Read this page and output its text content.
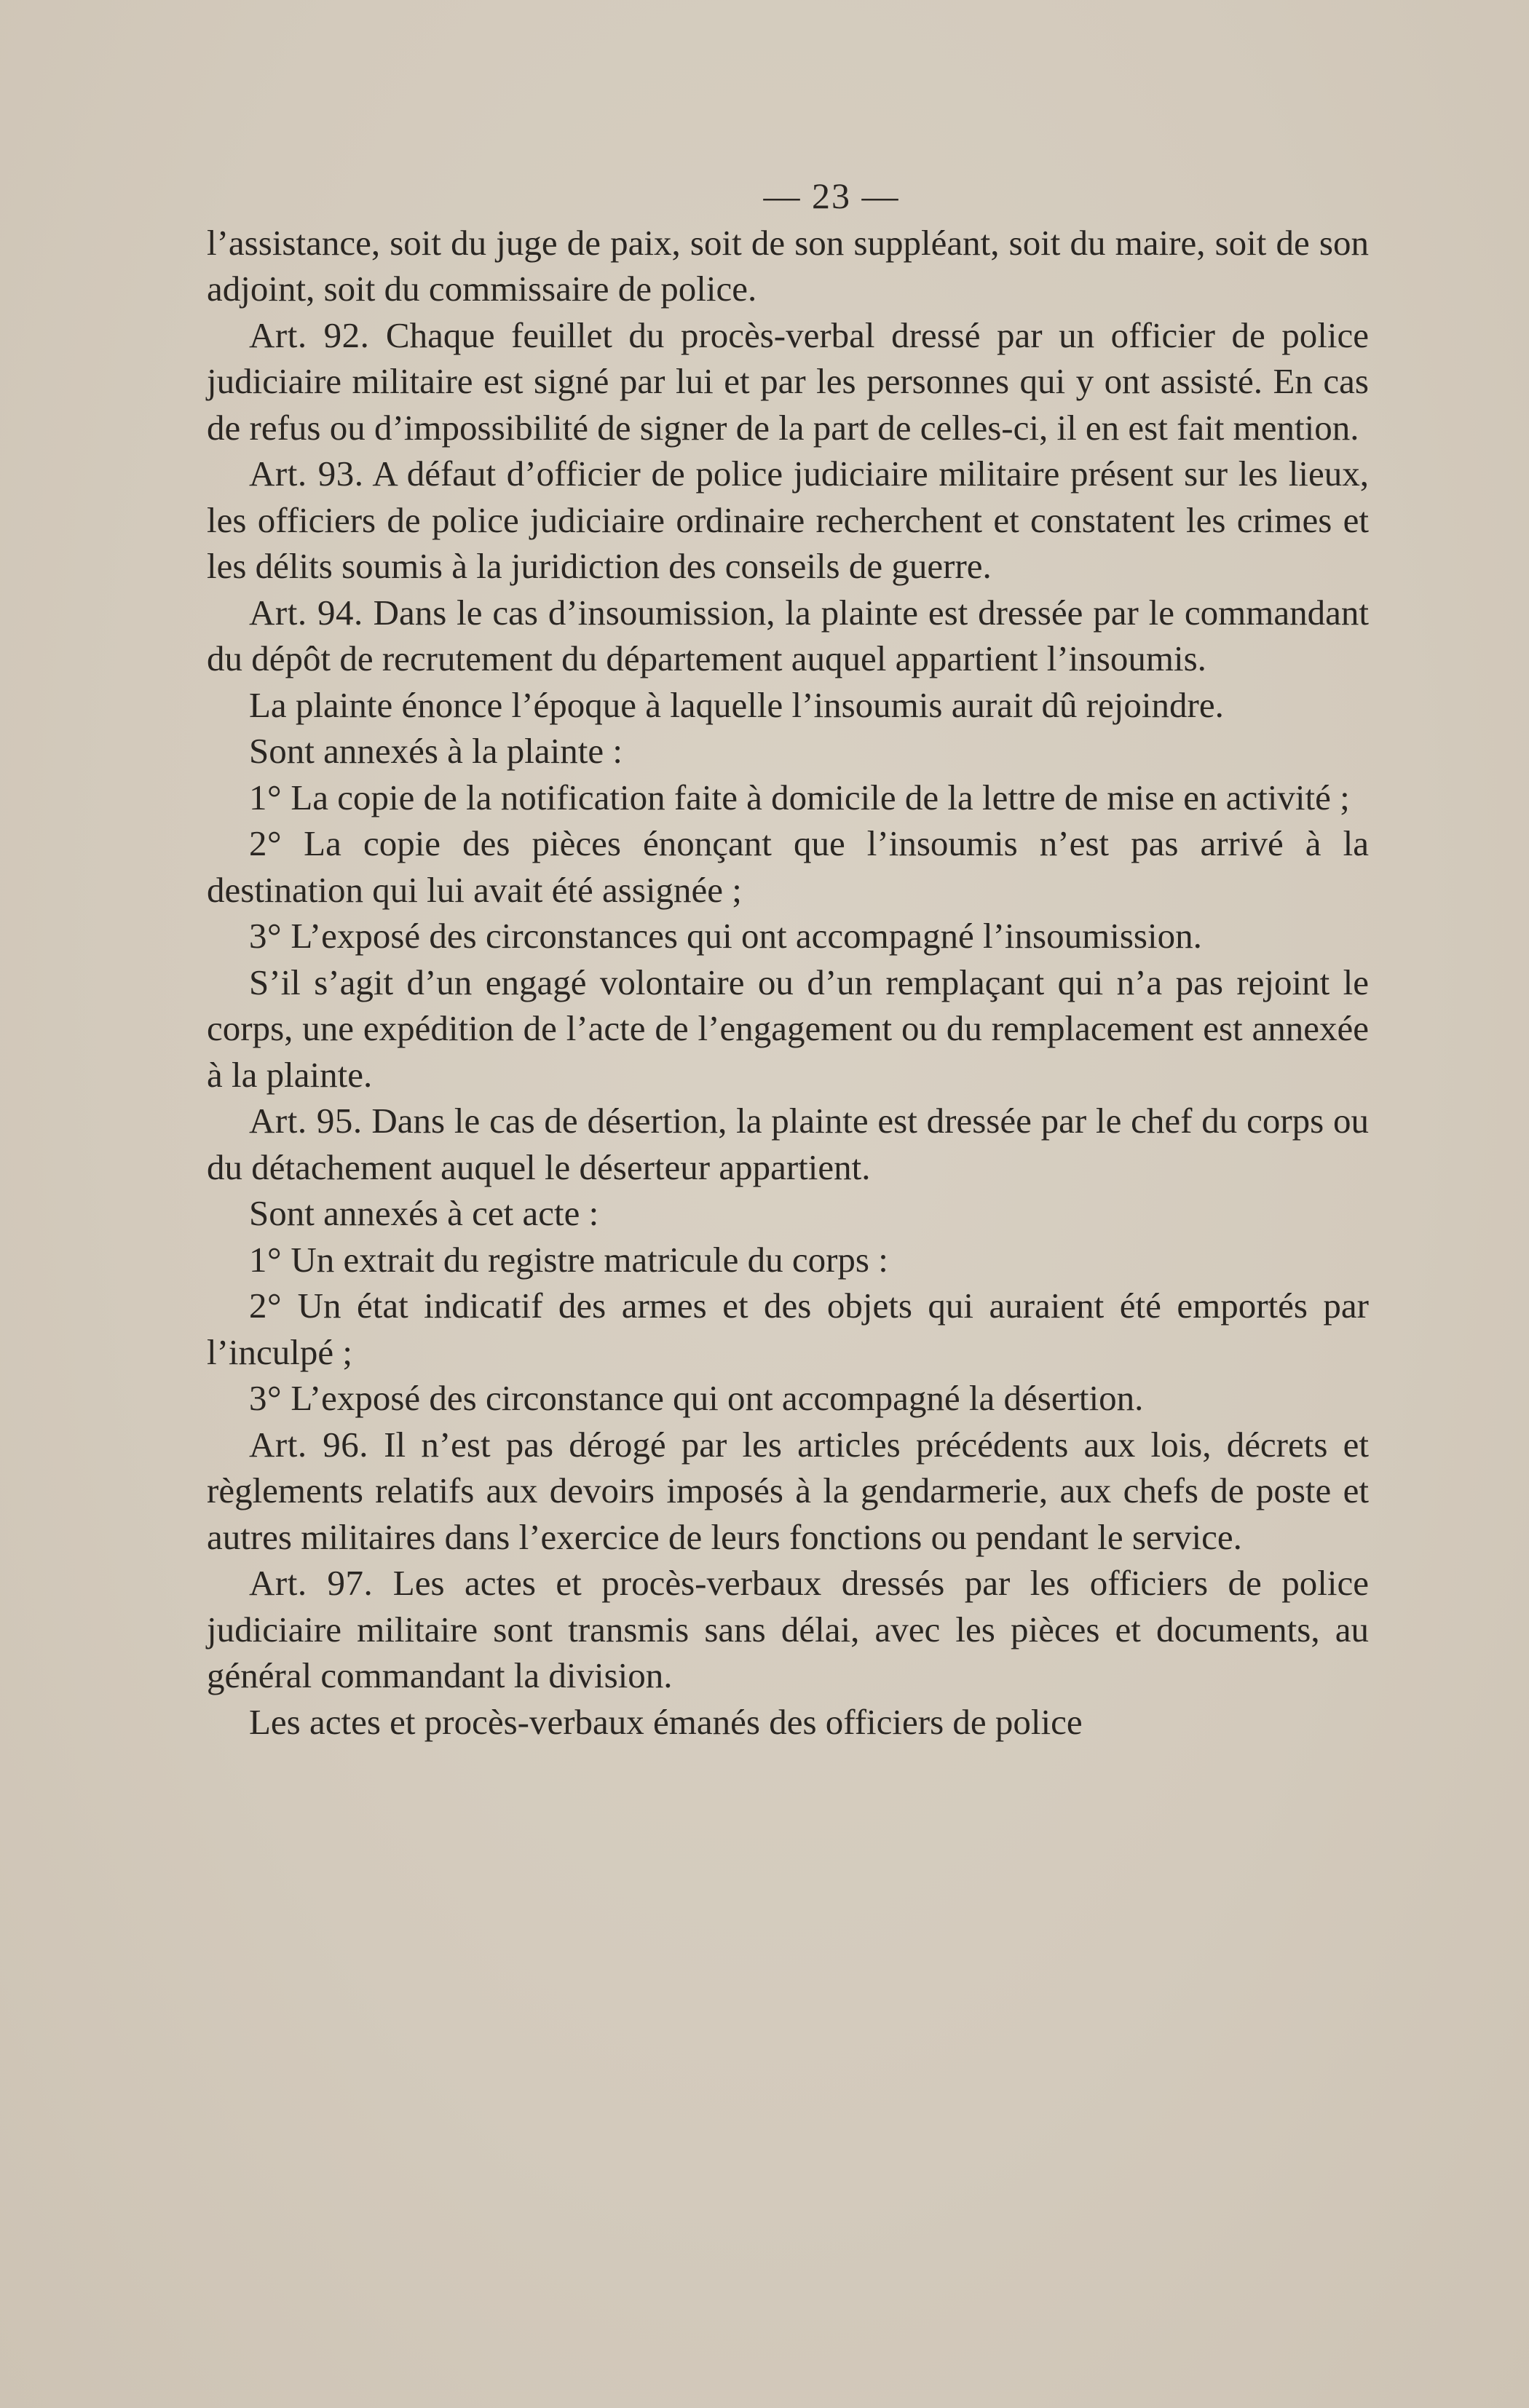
— 23 —

l’assistance, soit du juge de paix, soit de son suppléant, soit du maire, soit de son adjoint, soit du commissaire de police.

Art. 92. Chaque feuillet du procès-verbal dressé par un officier de police judiciaire militaire est signé par lui et par les personnes qui y ont assisté. En cas de refus ou d’impossibilité de signer de la part de celles-ci, il en est fait mention.

Art. 93. A défaut d’officier de police judiciaire militaire présent sur les lieux, les officiers de police judiciaire ordinaire recherchent et constatent les crimes et les délits soumis à la juridiction des conseils de guerre.

Art. 94. Dans le cas d’insoumission, la plainte est dressée par le commandant du dépôt de recrutement du département auquel appartient l’insoumis.

La plainte énonce l’époque à laquelle l’insoumis aurait dû rejoindre.

Sont annexés à la plainte :

1° La copie de la notification faite à domicile de la lettre de mise en activité ;

2° La copie des pièces énonçant que l’insoumis n’est pas arrivé à la destination qui lui avait été assignée ;

3° L’exposé des circonstances qui ont accompagné l’insoumission.

S’il s’agit d’un engagé volontaire ou d’un remplaçant qui n’a pas rejoint le corps, une expédition de l’acte de l’engagement ou du remplacement est annexée à la plainte.

Art. 95. Dans le cas de désertion, la plainte est dressée par le chef du corps ou du détachement auquel le déserteur appartient.

Sont annexés à cet acte :

1° Un extrait du registre matricule du corps :

2° Un état indicatif des armes et des objets qui auraient été emportés par l’inculpé ;

3° L’exposé des circonstance qui ont accompagné la désertion.

Art. 96. Il n’est pas dérogé par les articles précédents aux lois, décrets et règlements relatifs aux devoirs imposés à la gendarmerie, aux chefs de poste et autres militaires dans l’exercice de leurs fonctions ou pendant le service.

Art. 97. Les actes et procès-verbaux dressés par les officiers de police judiciaire militaire sont transmis sans délai, avec les pièces et documents, au général commandant la division.

Les actes et procès-verbaux émanés des officiers de police
